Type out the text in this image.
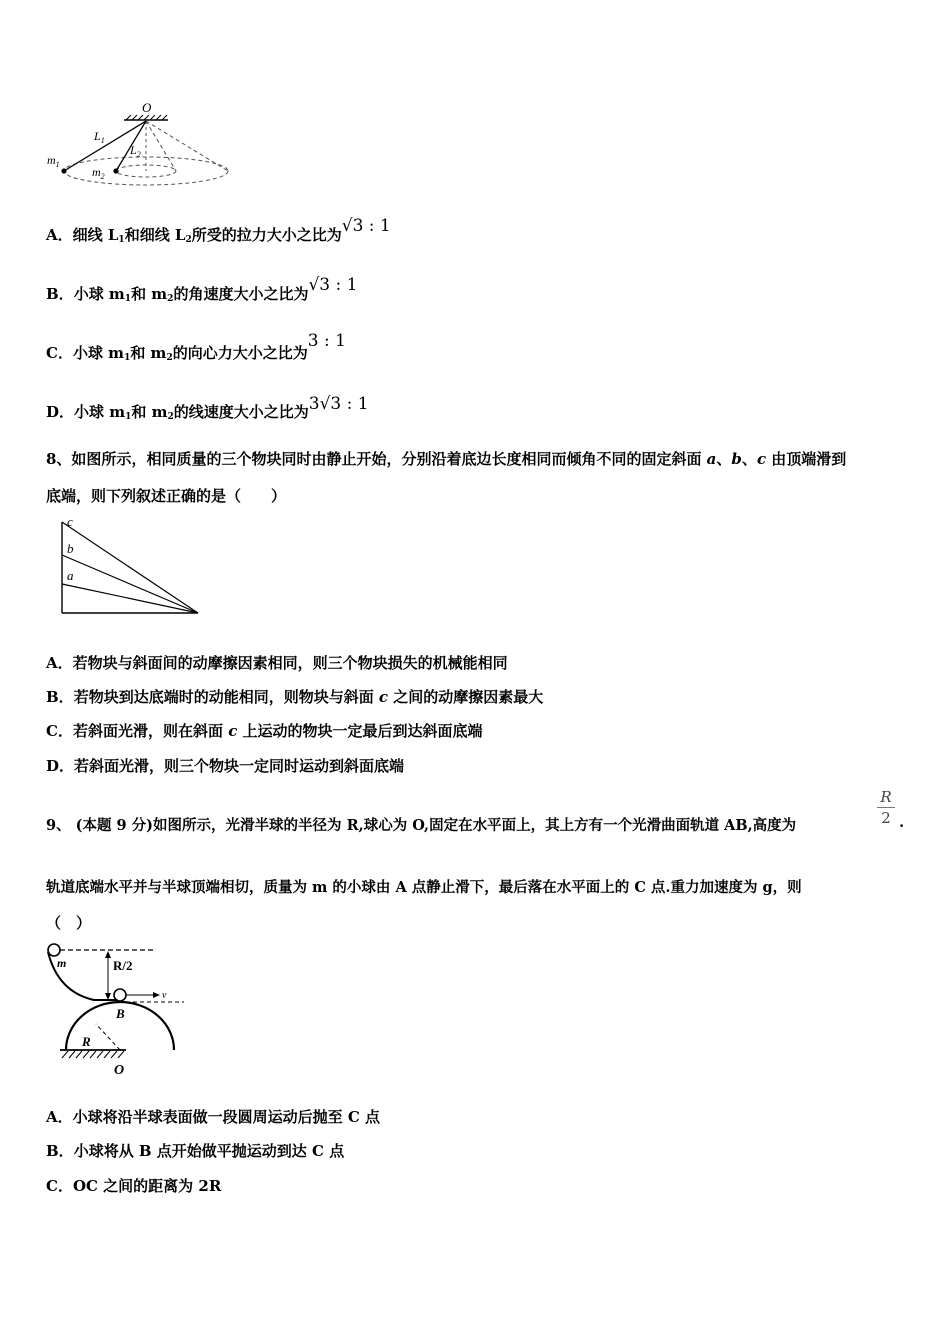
O
$L_1$
$L_2$
$m_1$
$m_2$
A．细线 $L_1$和细线 $L_2$所受的拉力大小之比为√3 : 1
B．小球 $m_1$和 $m_2$的角速度大小之比为√3 : 1
C．小球 $m_1$和 $m_2$的向心力大小之比为3 : 1
D．小球 $m_1$和 $m_2$的线速度大小之比为3√3 : 1
8、如图所示，相同质量的三个物块同时由静止开始，分别沿着底边长度相同而倾角不同的固定斜面 a、b、c 由顶端滑到
底端，则下列叙述正确的是（　　）
c
b
a
A．若物块与斜面间的动摩擦因素相同，则三个物块损失的机械能相同
B．若物块到达底端时的动能相同，则物块与斜面 c 之间的动摩擦因素最大
C．若斜面光滑，则在斜面 c 上运动的物块一定最后到达斜面底端
D．若斜面光滑，则三个物块一定同时运动到斜面底端
9、 (本题 9 分)如图所示，光滑半球的半径为 R,球心为 O,固定在水平面上，其上方有一个光滑曲面轨道 AB,高度为
R
2 .
轨道底端水平并与半球顶端相切，质量为 m 的小球由 A 点静止滑下，最后落在水平面上的 C 点.重力加速度为 g，则
（　）
m	R/2
v
B
R
O
A．小球将沿半球表面做一段圆周运动后抛至 C 点
B．小球将从 B 点开始做平抛运动到达 C 点
C．OC 之间的距离为 2R
